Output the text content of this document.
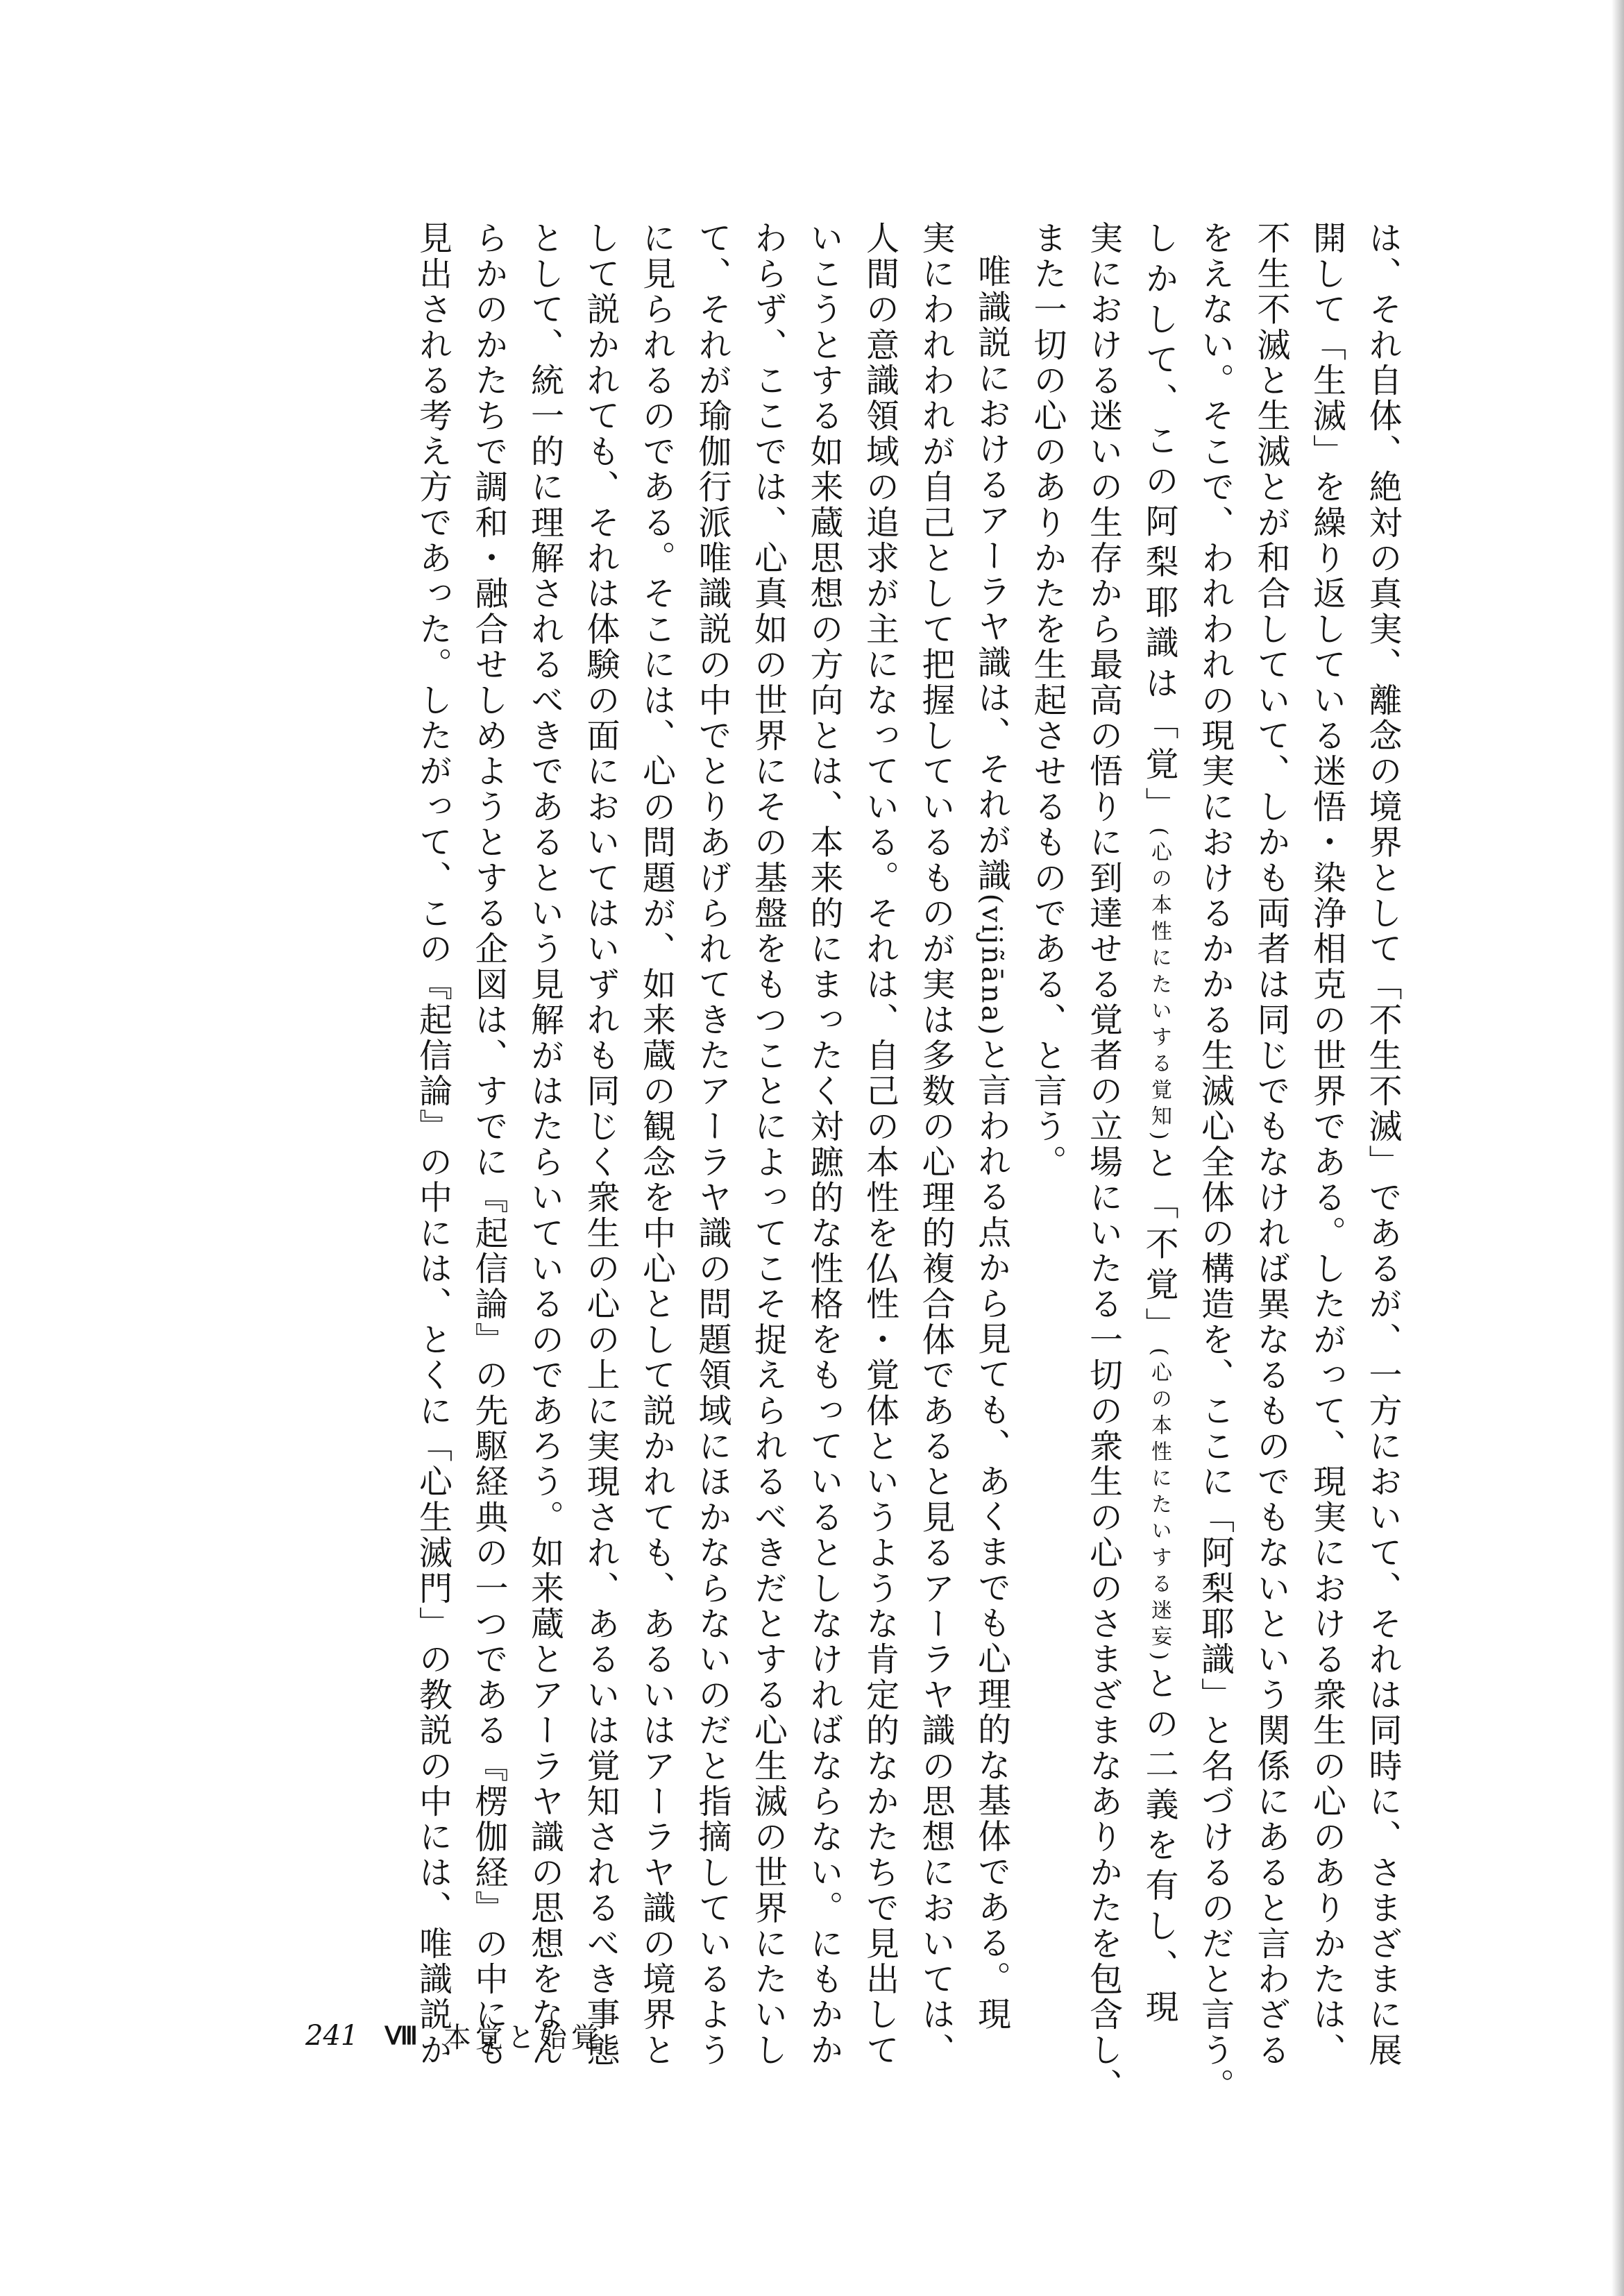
は、それ自体、絶対の真実、離念の境界として「不生不滅」であるが、一方において、それは同時に、さまざまに展
開して「生滅」を繰り返している迷悟・染浄相克の世界である。したがって、現実における衆生の心のありかたは、
不生不滅と生滅とが和合していて、しかも両者は同じでもなければ異なるものでもないという関係にあると言わざる
をえない。そこで、われわれの現実におけるかかる生滅心全体の構造を、ここに「阿梨耶識」と名づけるのだと言う。
しかして、この阿梨耶識は「覚」(心の本性にたいする覚知)と「不覚」(心の本性にたいする迷妄)との二義を有し、現
実における迷いの生存から最高の悟りに到達せる覚者の立場にいたる一切の衆生の心のさまざまなありかたを包含し、
また一切の心のありかたを生起させるものである、と言う。
唯識説におけるアーラヤ識は、それが識(vijñāna)と言われる点から見ても、あくまでも心理的な基体である。現
実にわれわれが自己として把握しているものが実は多数の心理的複合体であると見るアーラヤ識の思想においては、
人間の意識領域の追求が主になっている。それは、自己の本性を仏性・覚体というような肯定的なかたちで見出して
いこうとする如来蔵思想の方向とは、本来的にまったく対蹠的な性格をもっているとしなければならない。にもかか
わらず、ここでは、心真如の世界にその基盤をもつことによってこそ捉えられるべきだとする心生滅の世界にたいし
て、それが瑜伽行派唯識説の中でとりあげられてきたアーラヤ識の問題領域にほかならないのだと指摘しているよう
に見られるのである。そこには、心の問題が、如来蔵の観念を中心として説かれても、あるいはアーラヤ識の境界と
して説かれても、それは体験の面においてはいずれも同じく衆生の心の上に実現され、あるいは覚知されるべき事態
として、統一的に理解されるべきであるという見解がはたらいているのであろう。如来蔵とアーラヤ識の思想をなん
らかのかたちで調和・融合せしめようとする企図は、すでに『起信論』の先駆経典の一つである『楞伽経』の中にも
見出される考え方であった。したがって、この『起信論』の中には、とくに「心生滅門」の教説の中には、唯識説か
241 Ⅷ 本覚と始覚
